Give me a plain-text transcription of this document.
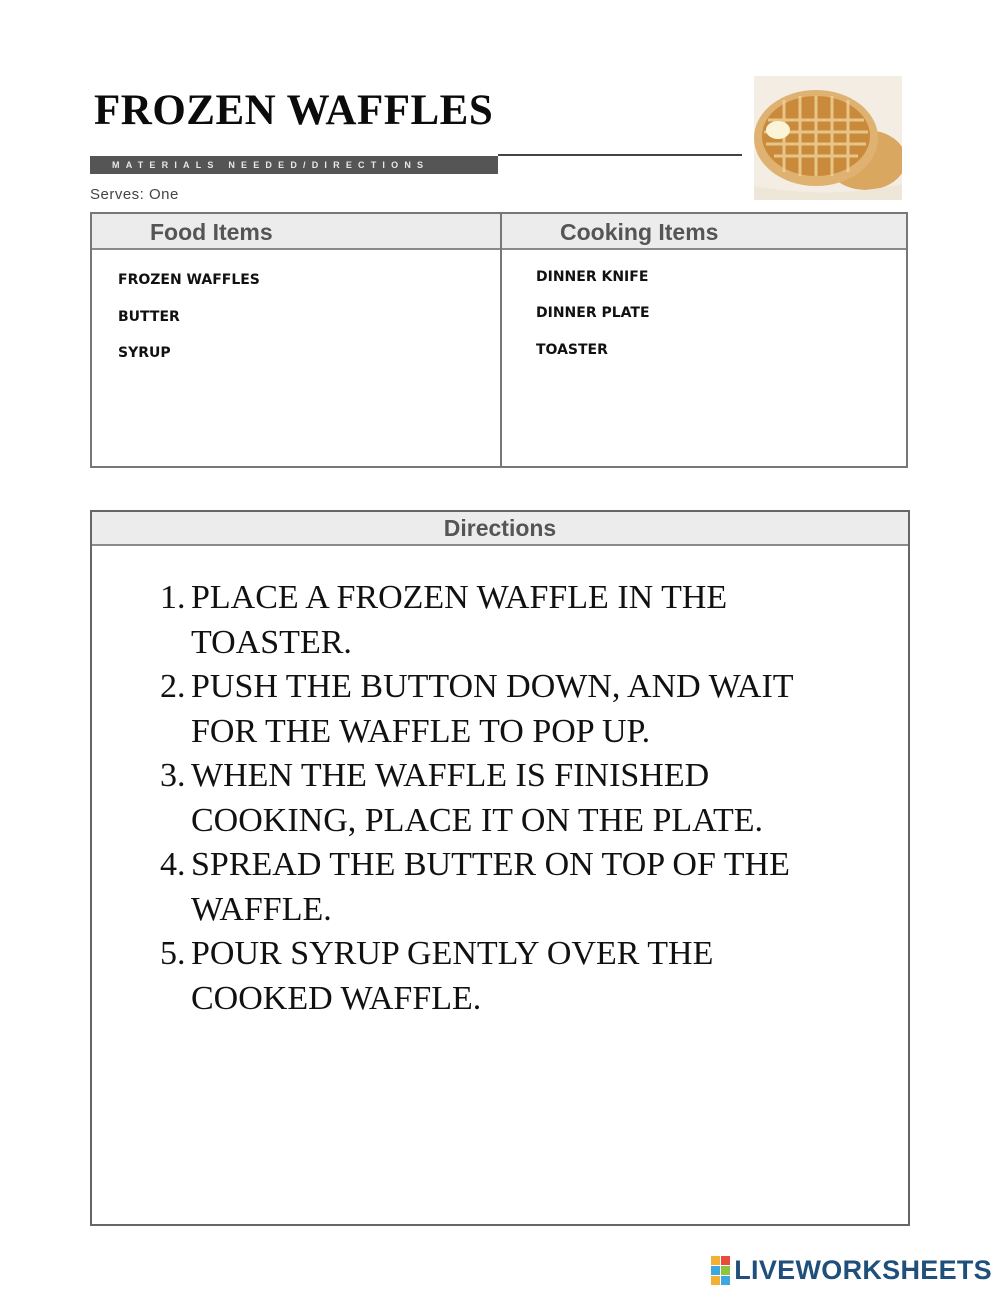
FROZEN WAFFLES
MATERIALS NEEDED/DIRECTIONS
Serves: One
Food Items	Cooking Items
FROZEN WAFFLES
BUTTER
SYRUP
DINNER KNIFE
DINNER PLATE
TOASTER
Directions
1. PLACE A FROZEN WAFFLE IN THE TOASTER.
2. PUSH THE BUTTON DOWN, AND WAIT FOR THE WAFFLE TO POP UP.
3. WHEN THE WAFFLE IS FINISHED COOKING, PLACE IT ON THE PLATE.
4. SPREAD THE BUTTER ON TOP OF THE WAFFLE.
5. POUR SYRUP GENTLY OVER THE COOKED WAFFLE.
LIVEWORKSHEETS
